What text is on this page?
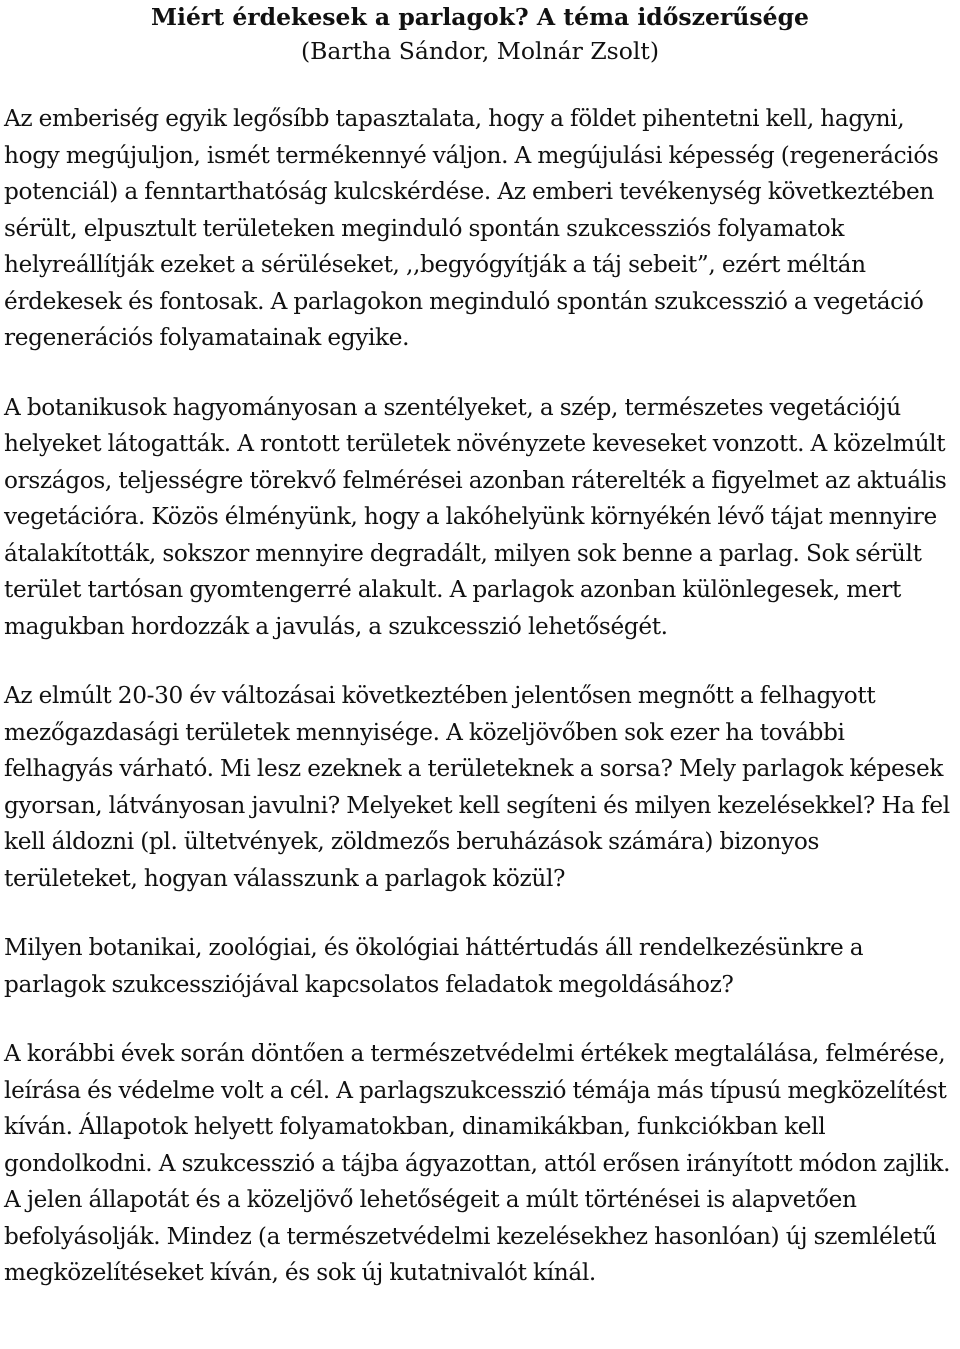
Miért érdekesek a parlagok? A téma időszerűsége

(Bartha Sándor, Molnár Zsolt)

Az emberiség egyik legősíbb tapasztalata, hogy a földet pihentetni kell, hagyni, hogy megújuljon, ismét termékennyé váljon. A megújulási képesség (regenerációs potenciál) a fenntarthatóság kulcskérdése. Az emberi tevékenység következtében sérült, elpusztult területeken meginduló spontán szukcessziós folyamatok helyreállítják ezeket a sérüléseket, ,,begyógyítják a táj sebeit”, ezért méltán érdekesek és fontosak. A parlagokon meginduló spontán szukcesszió a vegetáció regenerációs folyamatainak egyike.

A botanikusok hagyományosan a szentélyeket, a szép, természetes vegetációjú helyeket látogatták. A rontott területek növényzete keveseket vonzott. A közelmúlt országos, teljességre törekvő felmérései azonban ráterelték a figyelmet az aktuális vegetációra. Közös élményünk, hogy a lakóhelyünk környékén lévő tájat mennyire átalakították, sokszor mennyire degradált, milyen sok benne a parlag. Sok sérült terület tartósan gyomtengerré alakult. A parlagok azonban különlegesek, mert magukban hordozzák a javulás, a szukcesszió lehetőségét.

Az elmúlt 20-30 év változásai következtében jelentősen megnőtt a felhagyott mezőgazdasági területek mennyisége. A közeljövőben sok ezer ha további felhagyás várható. Mi lesz ezeknek a területeknek a sorsa? Mely parlagok képesek gyorsan, látványosan javulni? Melyeket kell segíteni és milyen kezelésekkel? Ha fel kell áldozni (pl. ültetvények, zöldmezős beruházások számára) bizonyos területeket, hogyan válasszunk a parlagok közül?

Milyen botanikai, zoológiai, és ökológiai háttértudás áll rendelkezésünkre a parlagok szukcessziójával kapcsolatos feladatok megoldásához?

A korábbi évek során döntően a természetvédelmi értékek megtalálása, felmérése, leírása és védelme volt a cél. A parlagszukcesszió témája más típusú megközelítést kíván. Állapotok helyett folyamatokban, dinamikákban, funkciókban kell gondolkodni. A szukcesszió a tájba ágyazottan, attól erősen irányított módon zajlik. A jelen állapotát és a közeljövő lehetőségeit a múlt történései is alapvetően befolyásolják. Mindez (a természetvédelmi kezelésekhez hasonlóan) új szemléletű megközelítéseket kíván, és sok új kutatnivalót kínál.
